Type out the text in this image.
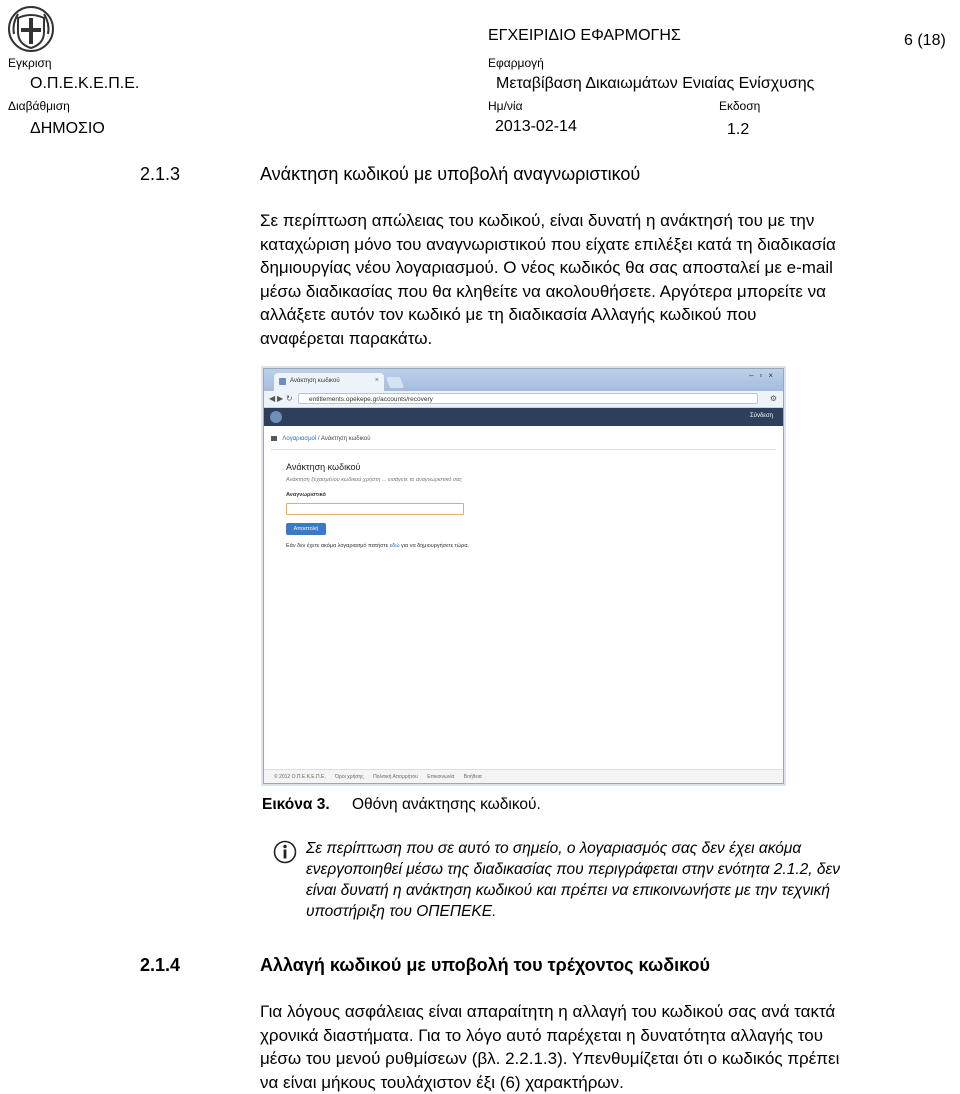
Εγκριση
Ο.Π.Ε.Κ.Ε.Π.Ε.
ΕΓΧΕΙΡΙΔΙΟ ΕΦΑΡΜΟΓΗΣ
Εφαρμογή
Μεταβίβαση Δικαιωμάτων Ενιαίας Ενίσχυσης
6 (18)
Διαβάθμιση
ΔΗΜΟΣΙΟ
Ημ/νία
2013-02-14
Εκδοση
1.2
2.1.3	Ανάκτηση κωδικού με υποβολή αναγνωριστικού
Σε περίπτωση απώλειας του κωδικού, είναι δυνατή η ανάκτησή του με την
καταχώριση μόνο του αναγνωριστικού που είχατε επιλέξει κατά τη διαδικασία
δημιουργίας νέου λογαριασμού. Ο νέος κωδικός θα σας αποσταλεί με e-mail
μέσω διαδικασίας που θα κληθείτε να ακολουθήσετε. Αργότερα μπορείτε να
αλλάξετε αυτόν τον κωδικό με τη διαδικασία Αλλαγής κωδικού που
αναφέρεται παρακάτω.
Ανάκτηση κωδικού	×
–▫×
◀ ▶ ↻	entitlements.opekepe.gr/accounts/recovery	⚙
Σύνδεση
Λογαριασμοί / Ανάκτηση κωδικού
Ανάκτηση κωδικού
Ανάκτηση ξεχασμένου κωδικού χρήστη ... εισάγετε το αναγνωριστικό σας
Αναγνωριστικό
Αποστολή
Εάν δεν έχετε ακόμα λογαριασμό πατήστε εδώ για να δημιουργήσετε τώρα.
© 2012 Ο.Π.Ε.Κ.Ε.Π.Ε. Όροι χρήσης Πολιτική Απορρήτου Επικοινωνία Βοήθεια
Εικόνα 3. Οθόνη ανάκτησης κωδικού.
Σε περίπτωση που σε αυτό το σημείο, ο λογαριασμός σας δεν έχει ακόμα
ενεργοποιηθεί μέσω της διαδικασίας που περιγράφεται στην ενότητα 2.1.2, δεν
είναι δυνατή η ανάκτηση κωδικού και πρέπει να επικοινωνήστε με την τεχνική
υποστήριξη του ΟΠΕΠΕΚΕ.
2.1.4	Αλλαγή κωδικού με υποβολή του τρέχοντος κωδικού
Για λόγους ασφάλειας είναι απαραίτητη η αλλαγή του κωδικού σας ανά τακτά
χρονικά διαστήματα. Για το λόγο αυτό παρέχεται η δυνατότητα αλλαγής του
μέσω του μενού ρυθμίσεων (βλ. 2.2.1.3). Υπενθυμίζεται ότι ο κωδικός πρέπει
να είναι μήκους τουλάχιστον έξι (6) χαρακτήρων.
